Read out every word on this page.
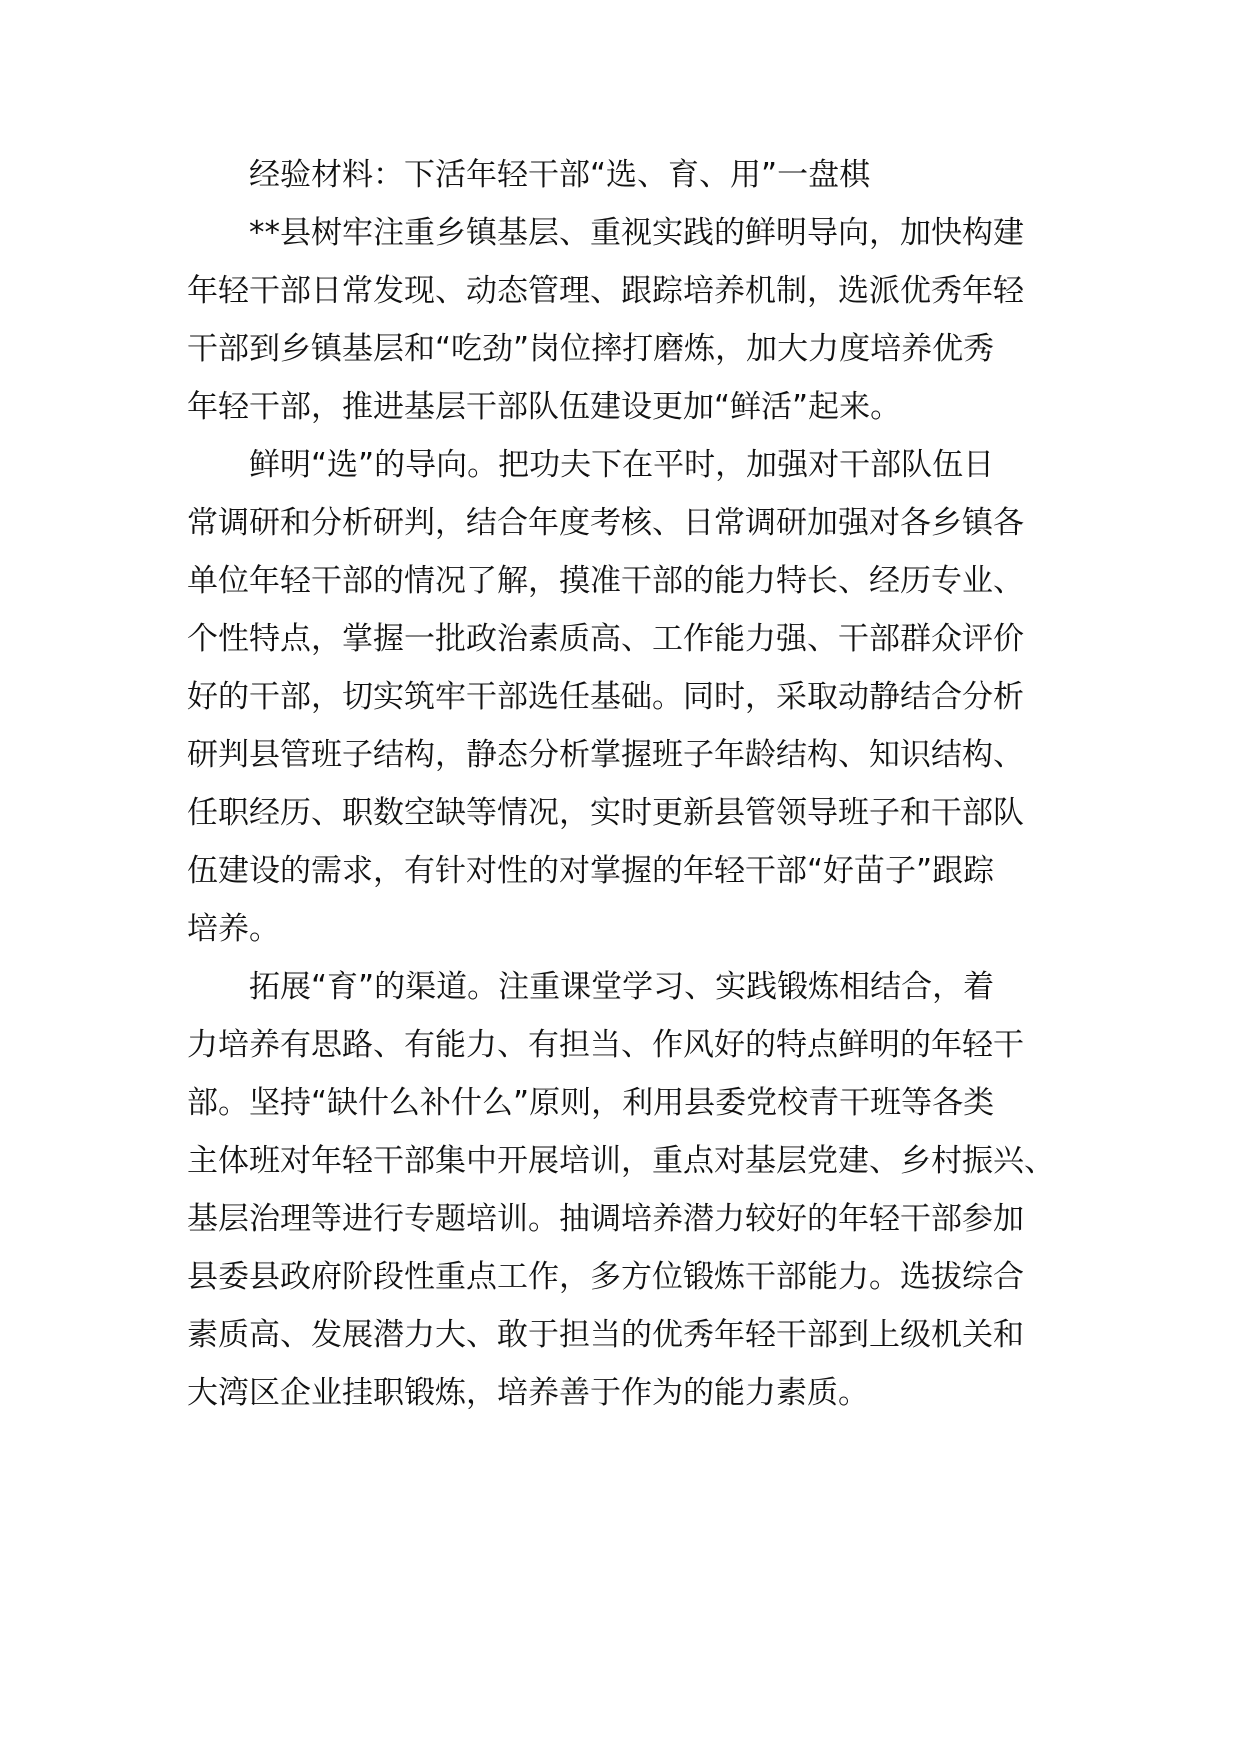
经验材料：下活年轻干部“选、育、用”一盘棋
**县树牢注重乡镇基层、重视实践的鲜明导向，加快构建
年轻干部日常发现、动态管理、跟踪培养机制，选派优秀年轻
干部到乡镇基层和“吃劲”岗位摔打磨炼，加大力度培养优秀
年轻干部，推进基层干部队伍建设更加“鲜活”起来。
鲜明“选”的导向。把功夫下在平时，加强对干部队伍日
常调研和分析研判，结合年度考核、日常调研加强对各乡镇各
单位年轻干部的情况了解，摸准干部的能力特长、经历专业、
个性特点，掌握一批政治素质高、工作能力强、干部群众评价
好的干部，切实筑牢干部选任基础。同时，采取动静结合分析
研判县管班子结构，静态分析掌握班子年龄结构、知识结构、
任职经历、职数空缺等情况，实时更新县管领导班子和干部队
伍建设的需求，有针对性的对掌握的年轻干部“好苗子”跟踪
培养。
拓展“育”的渠道。注重课堂学习、实践锻炼相结合，着
力培养有思路、有能力、有担当、作风好的特点鲜明的年轻干
部。坚持“缺什么补什么”原则，利用县委党校青干班等各类
主体班对年轻干部集中开展培训，重点对基层党建、乡村振兴、
基层治理等进行专题培训。抽调培养潜力较好的年轻干部参加
县委县政府阶段性重点工作，多方位锻炼干部能力。选拔综合
素质高、发展潜力大、敢于担当的优秀年轻干部到上级机关和
大湾区企业挂职锻炼，培养善于作为的能力素质。
